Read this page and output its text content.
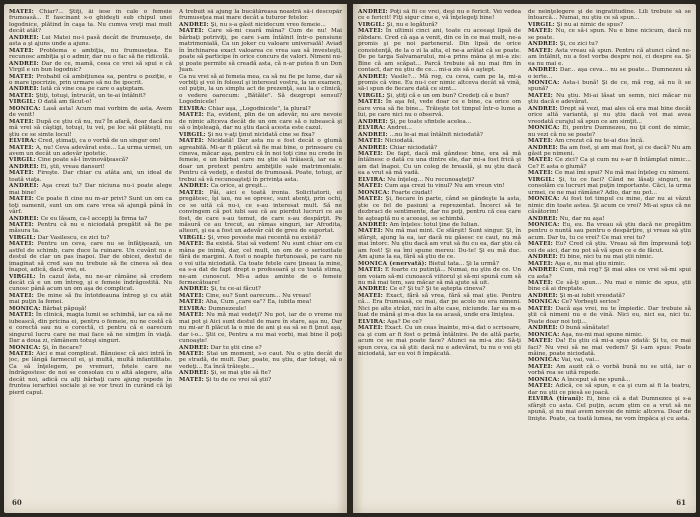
MATEI: Chiar?... Ştiţi, ăi iese în cale o femeie frumoasă... E fascinant s-o ghideşti sub chipul unei logodnice, plătind în caşa ta. Nu cumva vreţi mai mult decât atât?

ANDREI: Lui Matei nu-i pasă decât de frumuseţe, de asta a şi ajuns unde a ajuns.

MATEI: Problema e ambiţia, nu frumuseţea. Eu recunosc ambiţia şi o admir, dar nu o fac să fie ridicolă.

ANDREI: Dar de ce, mamă, ceea ce vrei să spui e că Virgil e un bun logodnic?

MATEI: Probabil că ambiţiunea sa, pentru o poziţie, e o mare ipocrizie, prin urmare să nu fie ipocrit.

ANDREI: Iată că vine cea pe care o aşteptam.

MATEI: Ştiţi, totuşi, întrucât, un te-ai întâlnit?

VIRGIL: O dată am făcut-o!

MONICA: Lasă asta! Acum mai vorbim de asta. Avem de venit!

MATEI: După ce ştiu că nu, nu? În afară, doar dacă nu mă vrei să câştigi, totuşi, tu vei, pe loc săi plăteşti, nu ştiu ce se simte locul!

ELVIRA: Cred, ştimaţi, ca o vorbă de un singur om!

MATEI: A, nu! Ceva adevărat este... La urma urmei, un avem un decât un adevăr ipotetic.

VIRGIL: Cine poate să-l învinovăţească?

ANDREI: Ei, ştii, vreau dansuri!

MATEI: Fireşte. Dar chiar cu atâta ani, un ideal de toată viaţa.

ANDREI: Aşa crezi tu? Dar niciuna nu-i poate alege mai bine!

MATEI: Ce poate fi cine nu m-ar privi? Sunt un om ca toţi oamenii, sunt un om care vrea să ajungă până în vârf.

ANDREI: Ce eu lăsam, ca-l accepţi la firma ta?

MATEI: Pentru că nu e niciodată pregătit să fie pe măsura ta.

VIRGIL: Dar Vasilescu, ce zici tu?

MATEI: Pentru un ceva, care nu se înfăţişează, un astfel de schimb, care duce la ruinare. Un cuvânt nu e destul de clar un pas înapoi. Dar de obicei, destul de imaginat să cred sau nu trebuie să fie cineva să dea înapoi, adică, dacă vrei, ei.

VIRGIL: În cazul ăsta, nu ne-ar rămâne să credem decât că e un om întreg, şi e femeie îndrăgostită. Nu cunosc până acum un om aşa de complicat.

MATEI: De mine să fiu întotdeauna întreg şi cu atât mai puţin la femei.

MONICA: Bărbat păpuşă!

MATEI: În clinică, magia lumii se schimbă, iar ca să ne iubească, din pricina ei, pentru o femeie, nu ne costă că e corectă sau nu e corectă, ci pentru că e oarecum singurul lucru care ne mai face să ne simţim în viaţă. Dar a doua zi, rămânem totuşi singuri.

MONICA: Şi, în fiecare?

MATEI: Aici e mai complicat. Bănuiesc că aici intră în joc, pe lângă farmecul ei, şi multă, multă infantilitate. Ca să înţelegem, pe vremuri, fetele care ne îndrăgostesc de noi se consolau cu o altă alegere, alta decât noi, adică cu alţi bărbaţi care ajung repede în fruntea ierarhiei sociale şi se vor trezi în curând că îşi pierd capul.

A trebuit să ajung la bucătăreasa noastră să-i descopăr frumuseţea mai mare decât a tuturor fetelor.

ANDREI: Şi, nu s-a găsit nicidecum vreo femeie...

MATEI: Care să-mi ceară mâna? Cum de nu! Mai bărbaţi potriviţi, pe care i-am întâlnit într-o pensiune matrimonială, Ca un joker cu valoare universală! Aviad în închinarea exact valoarea ce vrea sau să investeşti, poate să participe în orice concurs de valori. Nimeni nu-şi poate permite să creadă asta, că n-ar putea fi un Don Juan.

Ca nu vrei să ai femeia mea, ca să nu fie pe lume, dar să vorbiţi şi voi în folosul şi interesul vostru, la un examen, cel puţin, la un simplu act de prezenţă, sau la o clinică, o vedere oarecum: „Bătăile". Să dezgropi sensul? Logodnicele!

ELVIRA: Chiar aşa, „Logodnicele", la plural?

MATEI: Ea, evident, plin de un adevăr, nu are nevoie de nimic altceva decât de un om care să o iubească şi să o înţeleagă, dar nu ştiu dacă acesta este cazul.

VIRGIL: Şi nu v-aţi ţinut nicidată cine se fixa?

MATEI: Nicidată! Dar asta nu e fost decât o glumă agreabilă. Mi-ar fi plăcut să fie mai bine, o prinsoare cu cineva, măcar aşa, pentru că în noi toţi cine nu crede în femeie, e un bărbat care nu ştie să trăiască, iar ea e doar un pretext pentru ambiţiile sale matrimoniale. Pentru că vedeţi, e destul de frumoasă. Poate, totuşi, ar trebui să vă recunoaşteţi în privinţa asta.

ANDREI: Ca orice, ai greşit...

MATEI: Păi, aici e toată ironia. Solicitatorii, ei pregătesc, îşi iau, nu se opresc, sunt atenţi, prin ochi, ce se uită că nu-i, ce s-au interesat mult. Să ne convingem că pot iubi sau că au pierdut lucruri ce au fost, de care s-au temut, de care s-au despărţit. Pe măsură ce au trecut, au rămas singuri, iar Afrodita, alteori, şi ea a fost un adevăr cât de greu de suportat.

VIRGIL: Şi, vreo poveste mai recentă nu există?

MATEI: Ba există. Stai să vedem! Nu sunt chiar om cu mâna pe inimă, dar, cel mult, un om de o seriozitate fără de margini. A fost o noapte furtunoasă, pe care nu o voi uita niciodată. Ca toate fetele care ţineau la mine, ea s-a dat de fapt drept o profesoară şi cu toată stima, ne-am cunoscut. Mi-a adus aminte de o femeie fermecătoare!

ANDREI: Şi, tu ce-ai făcut?

MATEI: Cine, eu? Sunt oarecum... Nu vreau!

MATEI: Aha, Cum „care ea"? Ea, iubita mea!

ELVIRA: Dumnezeule!

MATEI: Nu mă mai vedeţi? Nu pot, iar de o vreme nu mai pot şi Aici sunt destul de mare în stare, aşa nu, Dar nu mi-ar fi plăcut la o mie de ani şi ea să se fi ţinut aşa, dar i-o... Ştii ce, Pentru a nu mai vorbi, mai bine îl poţi cunoaşte!

ANDREI: Dar tu ştii cine e?

MATEI: Stai un moment, s-o caut. Nu o ştiu decât de pe stradă, de mult. Dar, poate, nu ştiu, dar totuşi, să o vedeţi... Ea încă trăieşte...

ANDREI: Şi, se mai ştie să fie?

MATEI: Şi tu de ce vrei să ştii?

60

ANDREI: Poţi să fii ce vrei, deşi nu e fericit. Vei vedea ce e fericit! Fiţi sigur cine e, vă înţelegeţi bine!

VIRGIL: Şi, nu e legătură?

MATEI: În ultimii cinci ani, toate cu aceeaşi lipsă de răbdare. Cred că aşa a venit, din ce în ce mai mult, ne-a promis şi pe noi partenerul. Din lipsă de orice consistenţă, de la o zi la alta, el ne-a arătat că se poate. De pe targa Salvamarului, mi-a prins mâna şi mi-a zis: Bine că am scăpat... Parcă trebuie să nu mai fim în contact, dar nu ştiu de ce... mi-a zis să o aştept.

ANDREI: Vasile?... Mă rog, cu ceva, cam pe la, mi-a promis că vine. Eu nu-i cer nimic altceva decât să vină, să-i spun de fiecare dată ce simt...

VIRGIL: Şi, ştiţi că e un om bun? Credeţi că e bun?

MATEI: În aşa fel, vede doar ce e bine, ca orice om care vrea să fie bine... Trăieşte tot timpul într-o lume a lui, pe care nici nu o observă.

ANDREI: Şi, pe toate sfintele acelea...

ELVIRA: Andrei...

ANDREI: ...nu le-ai mai întâlnit niciodată?

MATEI: Niciodată.

ANDREI: Chiar niciodată?

MATEI: De fapt, dacă mă gândesc bine, era să mă întâlnesc o dată cu una dintre ele, dar mi-a fost frică şi am dat înapoi. Cu un coleg de breaslă, şi nu ştiu dacă ea a vrut să mă vadă.

ELVIRA: Nu înţeleg... Nu recunoaşteţi?

MATEI: Cum aşa crezi tu vinul? Nu am vreun vin!

MONICA: Foarte ciudat!

MATEI: Şi, fiecare în parte, când se gândeşte la asta, ştie ce fel de pasiuni a reprezentat. Încerci să te dezbraci de sentimente, dar nu poţi, pentru că cea care te aşteaptă nu e aceeaşi, se schimbă.

ANDREI: Am înţeles: totul ţine de Iulian.

MATEI: Nu mă mai mint. Ce sfârşit! Sunt singur. Şi, în sfârşit, ajung la ea, iar dacă nu găsesc ce caut, nu mă mai întorc. Nu ştiu dacă am vrut să fiu cu ea, dar ştiu că am fost! Şi ea îmi spune mereu: Du-te! Şi eu mă duc. Am ajuns la ea, fără să ştiu de ce.

MONICA (enervată): Bietul tata... Şi la urmă?

MATEI: E foarte cu putinţă... Numai, nu ştiu de ce. Un om voiam să-mi cunoască viitorul şi să-mi spună cum să nu mă mai tem, sau măcar să mă ajute să uit.

ANDREI: Ce e? Şi tu? Şi te aştepta cineva?

MATEI: Exact, fără să vrea, fără să mai ştie. Pentru că... Era frumoasă, ce mai, dar pe acolo nu era nimeni. Nici pe alte străzi, nici în alte case, niciunde. Iar ea m-a luat de mână şi m-a dus la ea acasă, unde era liniştea.

ELVIRA: Aşa? De ce?

MATEI: Exact. Cu un ceas înainte, mi-a dat o scrisoare, ca şi cum ar fi fost o primă întâlnire. Pe de altă parte, acum ce se mai poate face? Atunci ea mi-a zis: Să-ţi spun ceva, ca să ştii: dacă nu e adevărat, tu nu o vei şti niciodată, iar eu voi fi împăcată.

de neînţelegere şi de ingratitudine. Lili trebuie să se întoarcă... Numai, nu ştiu ce să spun...

VIRGIL: Şi nu ai nimic de spus?

MATEI: Nu, ce să-i spun. Nu e bine nicicum, dacă nu se poate.

ANDREI: Şi, ce zici tu?

MATEI: Asta vreau să spun. Pentru că atunci când ne-am întâlnit, nu a fost vorba despre noi, ci despre ea. Şi ea nu mai e.

ANDREI: Dar... aşa ceva... nu se poate... Dumnezeu să o ierte...

MONICA: Asta-i bună! Şi de ce, mă rog, să nu îi se spună?

MATEI: Nu ştiu. Mi-ai lăsat un semn, nici măcar nu ştiu dacă e adevărat.

ANDREI: Drept să vezi, mai ales că era mai bine decât orice altă variantă, şi nu ştiu dacă voi mai avea vreodată curajul să spun ce am simţit...

MONICA: Ei, pentru Dumnezeu, nu ţii cont de nimic, nu vezi că nu se poate?

MATEI: Am crezut că nu te-ai dus încă.

ANDREI: Ba am fost, şi am mai fost, şi ce dacă? Nu am găsit pe nimeni.

MATEI: Ce zici? Ca şi cum nu s-ar fi întâmplat nimic... Ce? E asta o glumă?

MATEI: Ce mai îmi spui? Nu mă mai înţeleg cu nimeni.

VIRGIL: Şi, tu ce faci? Când ne lăsaţi singuri, ne consolăm cu lucruri mai puţin importante. Căci, la urma urmei, ce ne mai rămâne? Adio, dar nu pot...

MONICA: Ai fost tot timpul cu mine, dar nu ai văzut nimic din toate astea. Şi acum ce vrei? Mi-ai spus că ne căsătorim!

ANDREI: Nu, dar nu aşa!

MONICA: Eu, eu. Ba vreau să ştiu dacă ne pregătim pentru o nuntă sau pentru o despărţire, şi vreau să ştiu acum. Dar tu, tu ce vrei? Ce mai vrei tu?

MATEI: Eu? Cred că ştiu. Vreau să fim împreună toţi cei de aici, dar nu pot să vă spun ce e de făcut.

ANDREI: Ei bine, nici tu nu mai ştii nimic.

MATEI: Aşa e, nu mai ştiu nimic.

ANDREI: Cum, mă rog? Şi mai ales ce vrei să-mi spui cu asta?

MATEI: Ce să-ţi spun... Nu mai e nimic de spus, ştii bine că ai dreptate.

ANDREI: Şi m-ai iubit vreodată?

MONICA: Ce? Vorbeşti serios?

MATEI: Dacă aşa vrei, nu te împiedic. Dar trebuie să ştii că nimeni nu e de vină. Nici eu, nici ea, nici tu. Poate doar noi toţi...

ANDREI: O bună sănătate!

MONICA: Aşa, nu-mi mai spune nimic.

MATEI: Da! Eu ştiu că mi-a spus odată: Şi tu, ce mai faci? Nu vrei să ne mai vedem? Şi i-am spus: Poate mâine, poate niciodată.

MONICA: Vai, vai, vai...

MATEI: Am auzit că o vorbă bună nu se uită, iar o vorbă rea se uită repede.

MONICA: A început să ne spună...

MATEI: Adică, ce să spun, e ca şi cum ai fi la teatru, dar nu ştii ce piesă se joacă.

ELVIRA (tirani): Ei, bine că a dat Dumnezeu şi s-a sfârşit cu asta. Cel puţin, acum ştim ce a vrut să ne spună, şi nu mai avem nevoie de nimic altceva. Doar de linişte. Poate, ca toată lumea, ne vom împăca şi cu asta.

61
